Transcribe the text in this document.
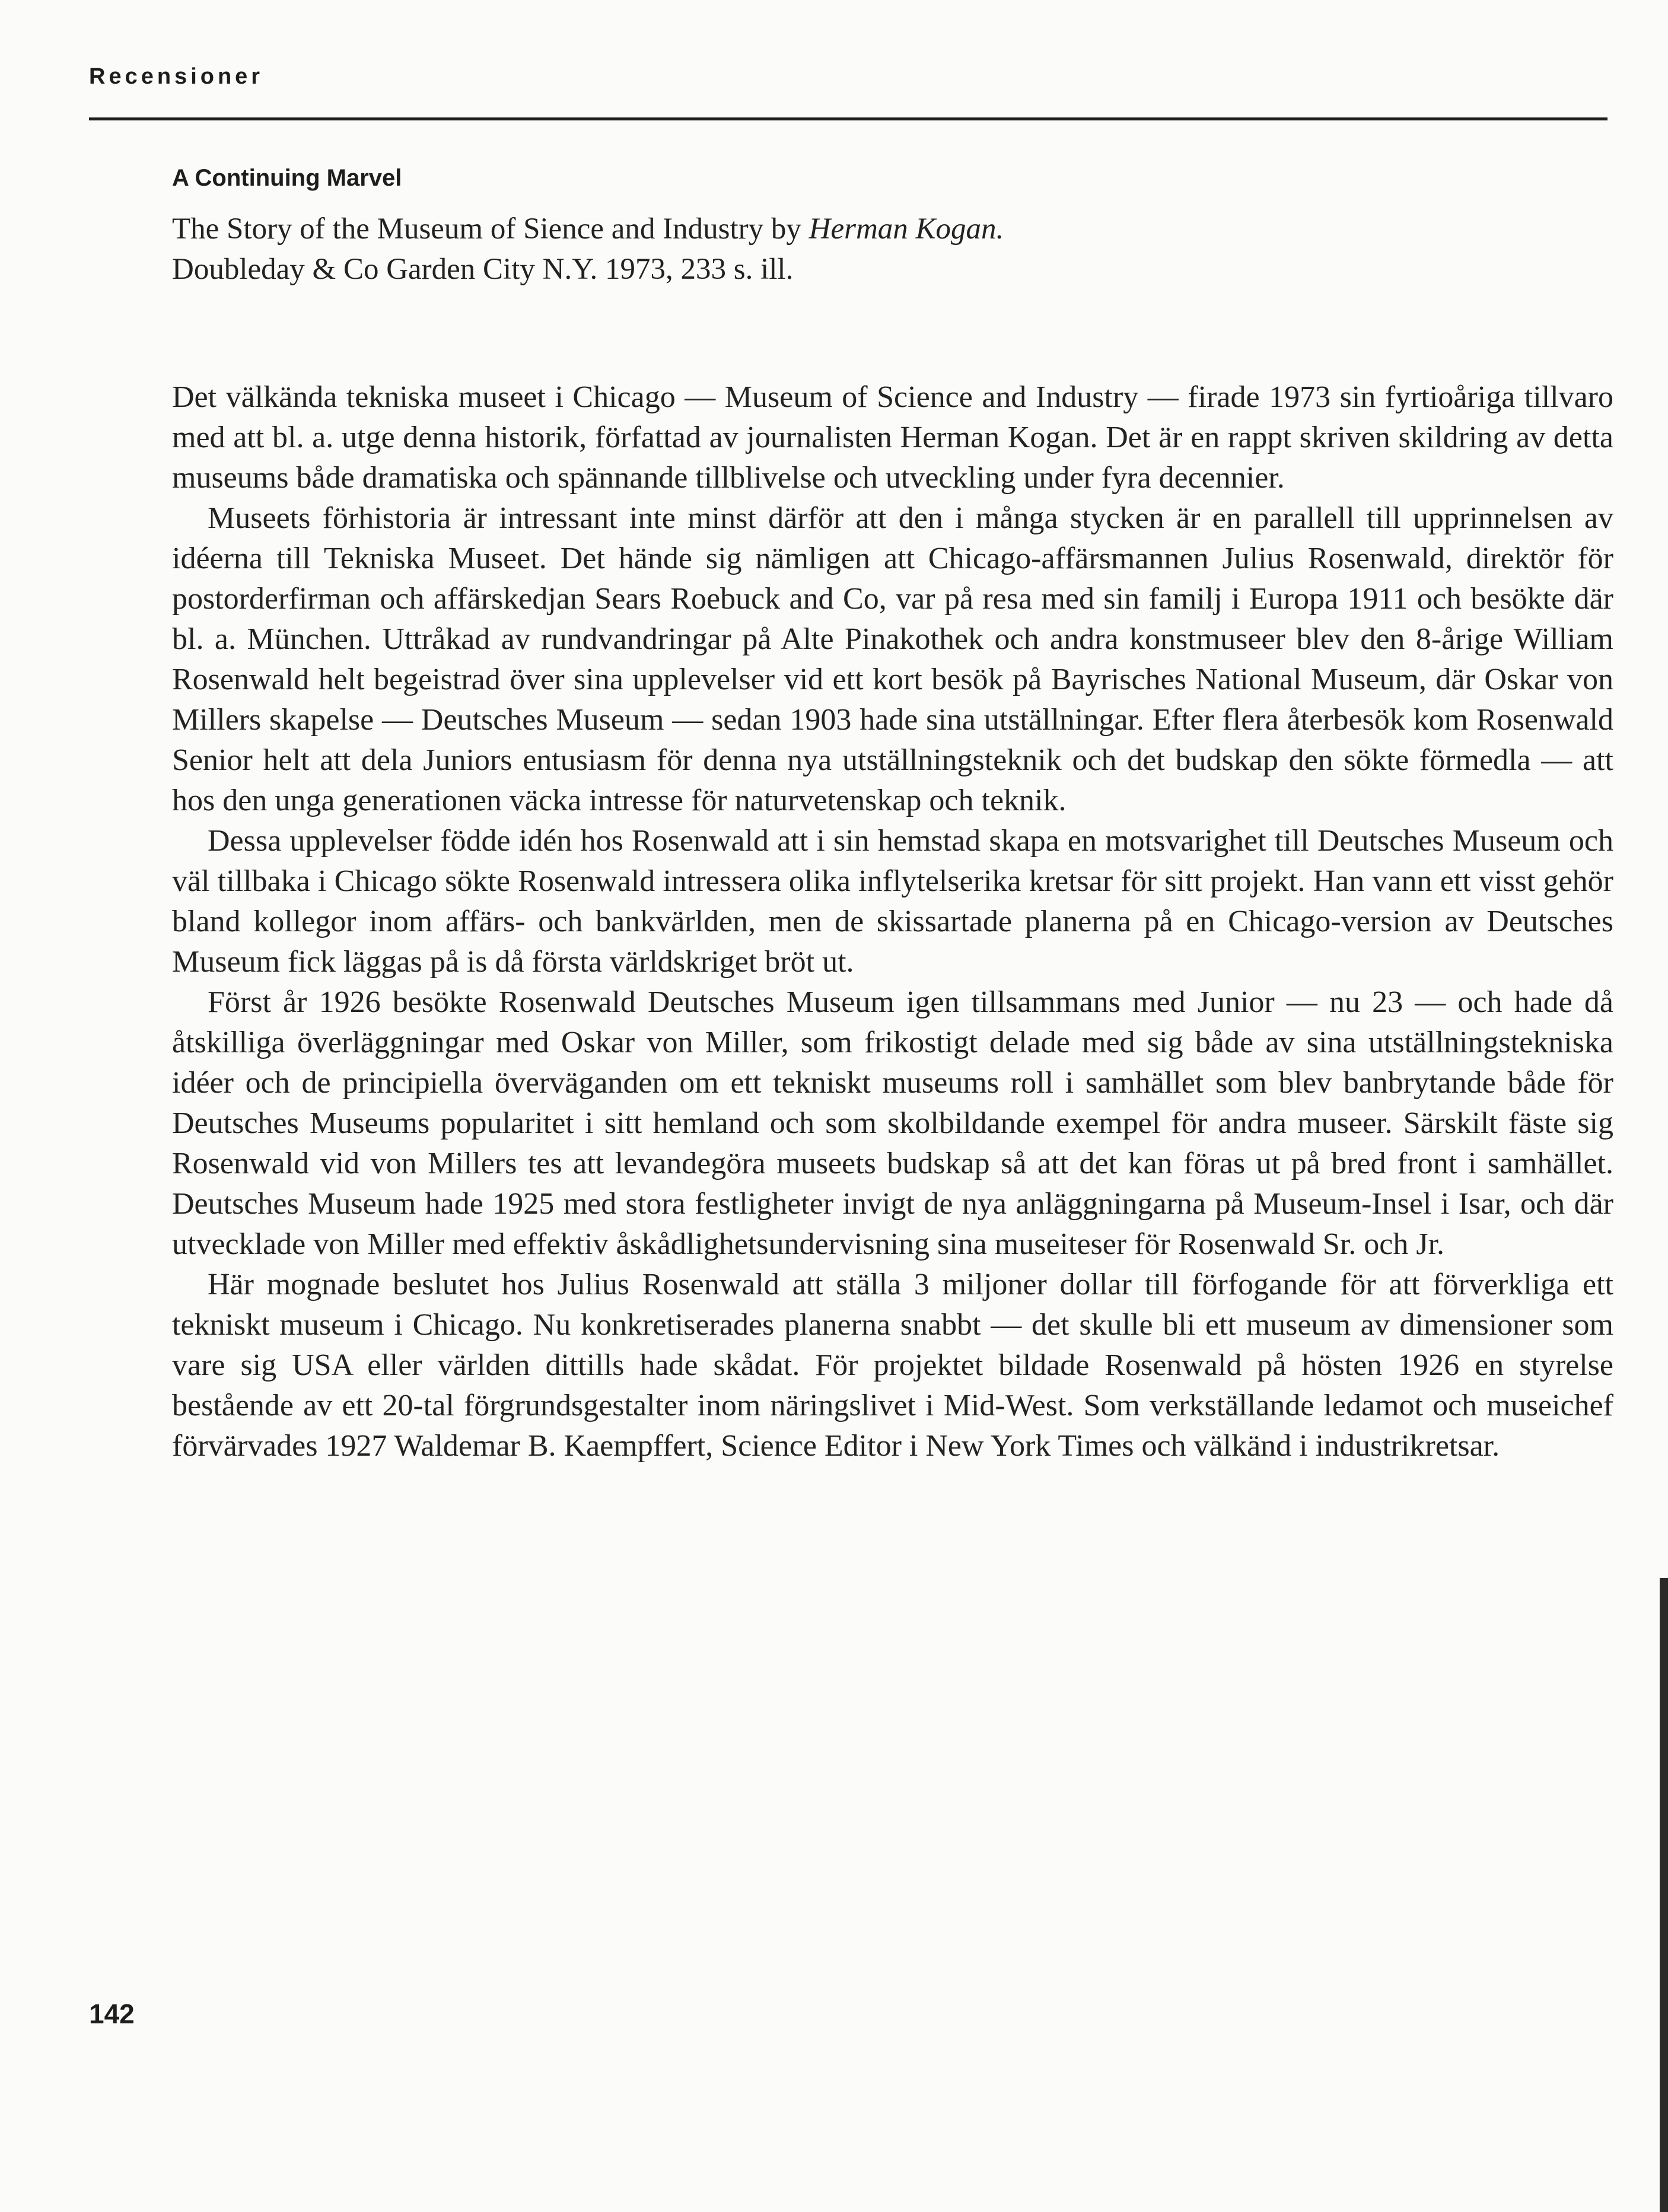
Recensioner
A Continuing Marvel
The Story of the Museum of Sience and Industry by Herman Kogan.
Doubleday & Co Garden City N.Y. 1973, 233 s. ill.

Det välkända tekniska museet i Chicago — Museum of Science and Industry — firade 1973 sin fyrtioåriga tillvaro med att bl. a. utge denna historik, författad av journalisten Herman Kogan. Det är en rappt skriven skildring av detta museums både dramatiska och spännande tillblivelse och utveckling under fyra decennier.

Museets förhistoria är intressant inte minst därför att den i många stycken är en parallell till upprinnelsen av idéerna till Tekniska Museet. Det hände sig nämligen att Chicago-affärsmannen Julius Rosenwald, direktör för postorderfirman och affärskedjan Sears Roebuck and Co, var på resa med sin familj i Europa 1911 och besökte där bl. a. München. Uttråkad av rundvandringar på Alte Pinakothek och andra konstmuseer blev den 8-årige William Rosenwald helt begeistrad över sina upplevelser vid ett kort besök på Bayrisches National Museum, där Oskar von Millers skapelse — Deutsches Museum — sedan 1903 hade sina utställningar. Efter flera återbesök kom Rosenwald Senior helt att dela Juniors entusiasm för denna nya utställningsteknik och det budskap den sökte förmedla — att hos den unga generationen väcka intresse för naturvetenskap och teknik.

Dessa upplevelser födde idén hos Rosenwald att i sin hemstad skapa en motsvarighet till Deutsches Museum och väl tillbaka i Chicago sökte Rosenwald intressera olika inflytelserika kretsar för sitt projekt. Han vann ett visst gehör bland kollegor inom affärs- och bankvärlden, men de skissartade planerna på en Chicago-version av Deutsches Museum fick läggas på is då första världskriget bröt ut.

Först år 1926 besökte Rosenwald Deutsches Museum igen tillsammans med Junior — nu 23 — och hade då åtskilliga överläggningar med Oskar von Miller, som frikostigt delade med sig både av sina utställningstekniska idéer och de principiella överväganden om ett tekniskt museums roll i samhället som blev banbrytande både för Deutsches Museums popularitet i sitt hemland och som skolbildande exempel för andra museer. Särskilt fäste sig Rosenwald vid von Millers tes att levandegöra museets budskap så att det kan föras ut på bred front i samhället. Deutsches Museum hade 1925 med stora festligheter invigt de nya anläggningarna på Museum-Insel i Isar, och där utvecklade von Miller med effektiv åskådlighetsundervisning sina museiteser för Rosenwald Sr. och Jr.

Här mognade beslutet hos Julius Rosenwald att ställa 3 miljoner dollar till förfogande för att förverkliga ett tekniskt museum i Chicago. Nu konkretiserades planerna snabbt — det skulle bli ett museum av dimensioner som vare sig USA eller världen dittills hade skådat. För projektet bildade Rosenwald på hösten 1926 en styrelse bestående av ett 20-tal förgrundsgestalter inom näringslivet i Mid-West. Som verkställande ledamot och museichef förvärvades 1927 Waldemar B. Kaempffert, Science Editor i New York Times och välkänd i industrikretsar.

142
